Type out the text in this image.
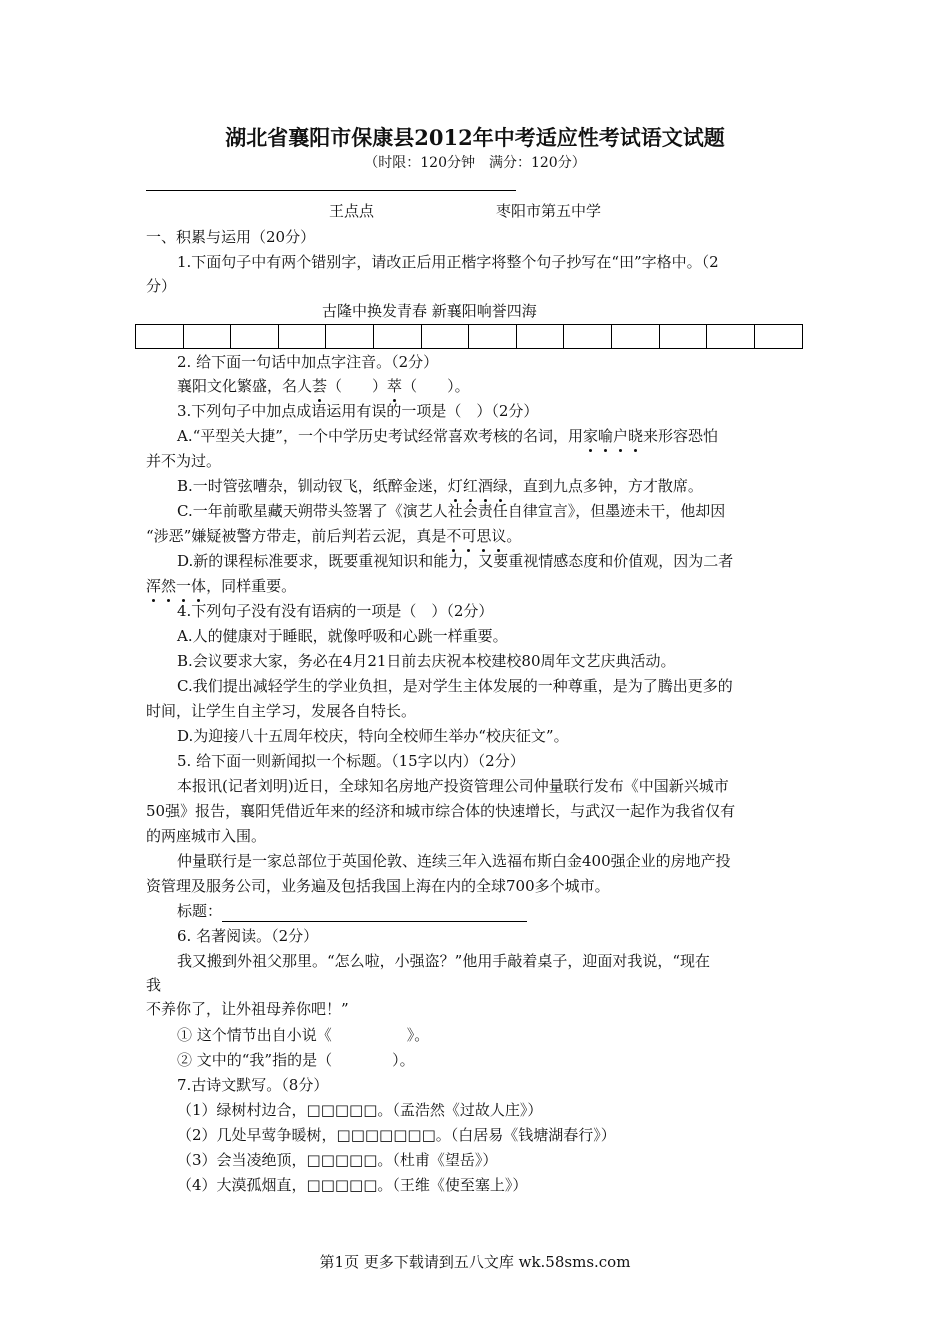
湖北省襄阳市保康县2012年中考适应性考试语文试题
（时限：120分钟　满分：120分）
王点点	枣阳市第五中学
一、积累与运用（20分）
1.下面句子中有两个错别字，请改正后用正楷字将整个句子抄写在“田”字格中。（2
分）
古隆中换发青春 新襄阳响誉四海
2. 给下面一句话中加点字注音。（2分）
襄阳文化繁盛，名人荟（　　）萃（　　）。
3.下列句子中加点成语运用有误的一项是（　）（2分）
A.“平型关大捷”，一个中学历史考试经常喜欢考核的名词，用家喻户晓来形容恐怕
并不为过。
B.一时管弦嘈杂，钏动钗飞，纸醉金迷，灯红酒绿，直到九点多钟，方才散席。
C.一年前歌星藏天朔带头签署了《演艺人社会责任自律宣言》，但墨迹未干，他却因
“涉恶”嫌疑被警方带走，前后判若云泥，真是不可思议。
D.新的课程标准要求，既要重视知识和能力，又要重视情感态度和价值观，因为二者
浑然一体，同样重要。
4.下列句子没有没有语病的一项是（　）（2分）
A.人的健康对于睡眠，就像呼吸和心跳一样重要。
B.会议要求大家，务必在4月21日前去庆祝本校建校80周年文艺庆典活动。
C.我们提出减轻学生的学业负担，是对学生主体发展的一种尊重，是为了腾出更多的
时间，让学生自主学习，发展各自特长。
D.为迎接八十五周年校庆，特向全校师生举办“校庆征文”。
5. 给下面一则新闻拟一个标题。（15字以内）（2分）
本报讯(记者刘明)近日，全球知名房地产投资管理公司仲量联行发布《中国新兴城市
50强》报告，襄阳凭借近年来的经济和城市综合体的快速增长，与武汉一起作为我省仅有
的两座城市入围。
仲量联行是一家总部位于英国伦敦、连续三年入选福布斯白金400强企业的房地产投
资管理及服务公司，业务遍及包括我国上海在内的全球700多个城市。
标题：
6. 名著阅读。（2分）
我又搬到外祖父那里。“怎么啦，小强盗？”他用手敲着桌子，迎面对我说，“现在
我
不养你了，让外祖母养你吧！”
① 这个情节出自小说《　　　　　》。
② 文中的“我”指的是（　　　　）。
7.古诗文默写。（8分）
（1）绿树村边合，□□□□□。（孟浩然《过故人庄》）
（2）几处早莺争暖树，□□□□□□□。（白居易《钱塘湖春行》）
（3）会当凌绝顶，□□□□□。（杜甫《望岳》）
（4）大漠孤烟直，□□□□□。（王维《使至塞上》）
第1页 更多下载请到五八文库 wk.58sms.com
